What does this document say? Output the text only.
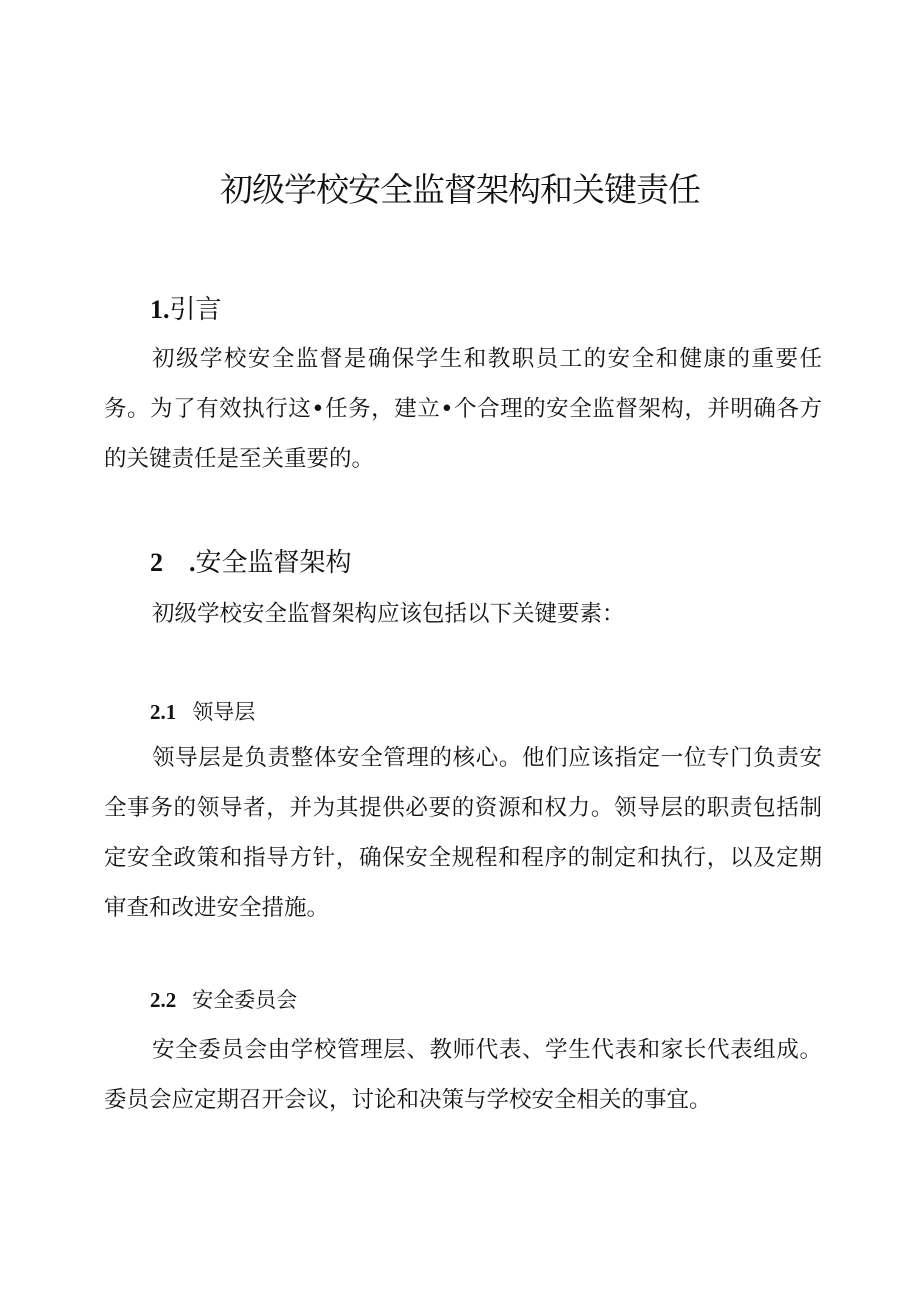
初级学校安全监督架构和关键责任
1.引言

初级学校安全监督是确保学生和教职员工的安全和健康的重要任务。为了有效执行这•任务，建立•个合理的安全监督架构，并明确各方的关键责任是至关重要的。

2　.安全监督架构

初级学校安全监督架构应该包括以下关键要素：

2.1 领导层

领导层是负责整体安全管理的核心。他们应该指定一位专门负责安全事务的领导者，并为其提供必要的资源和权力。领导层的职责包括制定安全政策和指导方针，确保安全规程和程序的制定和执行，以及定期审查和改进安全措施。

2.2 安全委员会

安全委员会由学校管理层、教师代表、学生代表和家长代表组成。委员会应定期召开会议，讨论和决策与学校安全相关的事宜。
